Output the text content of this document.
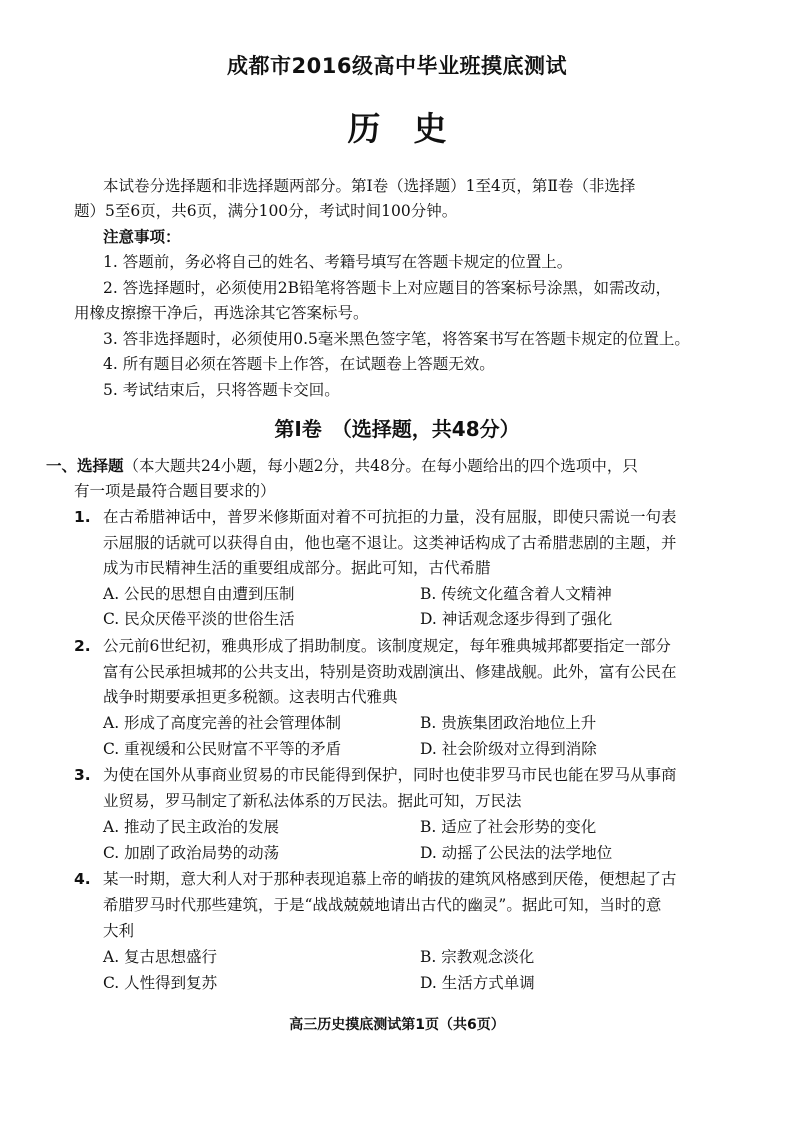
成都市2016级高中毕业班摸底测试
历　史
本试卷分选择题和非选择题两部分。第Ⅰ卷（选择题）1至4页，第Ⅱ卷（非选择
题）5至6页，共6页，满分100分，考试时间100分钟。
注意事项：
1. 答题前，务必将自己的姓名、考籍号填写在答题卡规定的位置上。
2. 答选择题时，必须使用2B铅笔将答题卡上对应题目的答案标号涂黑，如需改动，
用橡皮擦擦干净后，再选涂其它答案标号。
3. 答非选择题时，必须使用0.5毫米黑色签字笔，将答案书写在答题卡规定的位置上。
4. 所有题目必须在答题卡上作答，在试题卷上答题无效。
5. 考试结束后，只将答题卡交回。
第Ⅰ卷　（选择题，共48分）
一、选择题（本大题共24小题，每小题2分，共48分。在每小题给出的四个选项中，只
有一项是最符合题目要求的）
1. 在古希腊神话中，普罗米修斯面对着不可抗拒的力量，没有屈服，即使只需说一句表
示屈服的话就可以获得自由，他也毫不退让。这类神话构成了古希腊悲剧的主题，并
成为市民精神生活的重要组成部分。据此可知，古代希腊
A. 公民的思想自由遭到压制	B. 传统文化蕴含着人文精神
C. 民众厌倦平淡的世俗生活	D. 神话观念逐步得到了强化
2. 公元前6世纪初，雅典形成了捐助制度。该制度规定，每年雅典城邦都要指定一部分
富有公民承担城邦的公共支出，特别是资助戏剧演出、修建战舰。此外，富有公民在
战争时期要承担更多税额。这表明古代雅典
A. 形成了高度完善的社会管理体制	B. 贵族集团政治地位上升
C. 重视缓和公民财富不平等的矛盾	D. 社会阶级对立得到消除
3. 为使在国外从事商业贸易的市民能得到保护，同时也使非罗马市民也能在罗马从事商
业贸易，罗马制定了新私法体系的万民法。据此可知，万民法
A. 推动了民主政治的发展	B. 适应了社会形势的变化
C. 加剧了政治局势的动荡	D. 动摇了公民法的法学地位
4. 某一时期，意大利人对于那种表现追慕上帝的峭拔的建筑风格感到厌倦，便想起了古
希腊罗马时代那些建筑，于是“战战兢兢地请出古代的幽灵”。据此可知，当时的意
大利
A. 复古思想盛行	B. 宗教观念淡化
C. 人性得到复苏	D. 生活方式单调
高三历史摸底测试第1页（共6页）
